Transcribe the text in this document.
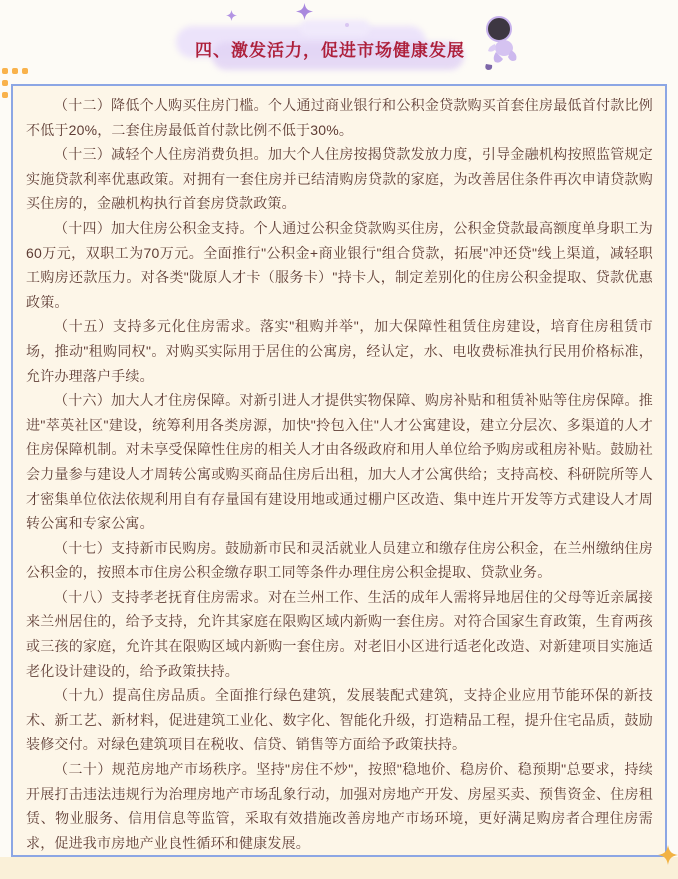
四、激发活力，促进市场健康发展

（十二）降低个人购买住房门槛。个人通过商业银行和公积金贷款购买首套住房最低首付款比例不低于20%，二套住房最低首付款比例不低于30%。

（十三）减轻个人住房消费负担。加大个人住房按揭贷款发放力度，引导金融机构按照监管规定实施贷款利率优惠政策。对拥有一套住房并已结清购房贷款的家庭，为改善居住条件再次申请贷款购买住房的，金融机构执行首套房贷款政策。

（十四）加大住房公积金支持。个人通过公积金贷款购买住房，公积金贷款最高额度单身职工为60万元，双职工为70万元。全面推行"公积金+商业银行"组合贷款，拓展"冲还贷"线上渠道，减轻职工购房还款压力。对各类"陇原人才卡（服务卡）"持卡人，制定差别化的住房公积金提取、贷款优惠政策。

（十五）支持多元化住房需求。落实"租购并举"，加大保障性租赁住房建设，培育住房租赁市场，推动"租购同权"。对购买实际用于居住的公寓房，经认定，水、电收费标准执行民用价格标准，允许办理落户手续。

（十六）加大人才住房保障。对新引进人才提供实物保障、购房补贴和租赁补贴等住房保障。推进"萃英社区"建设，统筹利用各类房源，加快"拎包入住"人才公寓建设，建立分层次、多渠道的人才住房保障机制。对未享受保障性住房的相关人才由各级政府和用人单位给予购房或租房补贴。鼓励社会力量参与建设人才周转公寓或购买商品住房后出租，加大人才公寓供给；支持高校、科研院所等人才密集单位依法依规利用自有存量国有建设用地或通过棚户区改造、集中连片开发等方式建设人才周转公寓和专家公寓。

（十七）支持新市民购房。鼓励新市民和灵活就业人员建立和缴存住房公积金，在兰州缴纳住房公积金的，按照本市住房公积金缴存职工同等条件办理住房公积金提取、贷款业务。

（十八）支持孝老抚育住房需求。对在兰州工作、生活的成年人需将异地居住的父母等近亲属接来兰州居住的，给予支持，允许其家庭在限购区域内新购一套住房。对符合国家生育政策，生育两孩或三孩的家庭，允许其在限购区域内新购一套住房。对老旧小区进行适老化改造、对新建项目实施适老化设计建设的，给予政策扶持。

（十九）提高住房品质。全面推行绿色建筑，发展装配式建筑，支持企业应用节能环保的新技术、新工艺、新材料，促进建筑工业化、数字化、智能化升级，打造精品工程，提升住宅品质，鼓励装修交付。对绿色建筑项目在税收、信贷、销售等方面给予政策扶持。

（二十）规范房地产市场秩序。坚持"房住不炒"，按照"稳地价、稳房价、稳预期"总要求，持续开展打击违法违规行为治理房地产市场乱象行动，加强对房地产开发、房屋买卖、预售资金、住房租赁、物业服务、信用信息等监管，采取有效措施改善房地产市场环境，更好满足购房者合理住房需求，促进我市房地产业良性循环和健康发展。
